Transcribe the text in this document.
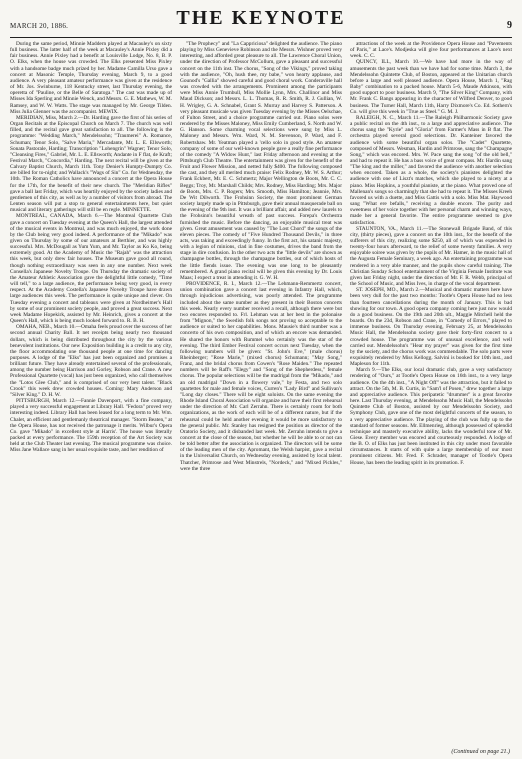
MARCH 20, 1886.	THE KEYNOTE	9

During the same period, Minnie Maddern played at Macauley's on sixty full business. The latter half of the week at Macauley's Annie Pixley did a fair business. Annie Pixley had a benefit at Louisville Lodge, No. 8, B. P. O. Elks, when the house was crowded. The Elks presented Miss Pixley with a handsome badge much prized by her. Madame Camilla Urso gave a concert at Masonic Temple, Thursday evening, March 9, to a good audience. A very pleasant amateur performance was given at the residence of Mr. Jos. Swinburne, 118 Kentucky street, last Thursday evening, the operetta of "Pauline, or the Belle of Saratoga." The cast was made up of Misses Ida Sperling and Minnie Wenck, and Messrs. G. E. Mathews, W. M. Ramsey, and W. W. Watts. The stage was managed by Mr. George Tilden. Miss Julia Glenner was the accompanist. MEWIX.

MERIDIAN, Miss, March 2.—Dr. Harding gave the first of his series of Organ Recitals at the Episcopal Church on March 7. The church was well filled, and the recital gave great satisfaction to all. The following is the programme: "Wedding March," Mendelssohn; "Traumerei" A. Romance, Schuman; Tenor Solo, "Salve Maria," Mercadante, Mr. L. E. Ellsworth; Sonata Pastorale, Harding; Transcription "Lohengrin" Wagner; Tenor Solo, "Cleansing Fires," Gabriel, Mr. L. E. Ellsworth; Andante in F flat, de Kraft; Festival March, "Concordia," Harding. The next recital will be given at the Calvary Baptist Church, March 11th. Tony Denier's Humpty-Dumpty Co. are billed for to-night; and Wallack's "Wags of Sin" Co. for Wednesday, the 10th. The Roman Catholics have announced a concert at the Opera House for the 17th, for the benefit of their new church. The "Meridian Rifles" gave a ball last Friday, which was heartily enjoyed by the society ladies and gentlemen of this city, as well as by a number of visitors from abroad. The Lenten season will put a stop to general entertainments here, but quiet musical and literary gatherings will still be en regle. MINNETTE.

MONTREAL, CANADA, March 6.—The Montreal Quartette Club gave a concert on Tuesday evening at the Queen's Hall, the largest attended of the musical events in Montreal, and was much enjoyed, the work done by the Club being very good indeed. A performance of the "Mikado" was given on Thursday by some of our amateurs at Berthier, and was highly successful. Mrs. McDougall as Yum Yum, and Mr. Taylor as Ko Ko, being extremely good. At the Academy of Music the "Rajah" was the attraction this week, but only drew fair houses. The Museum gave good all round, though nothing extraordinary was seen in any one number. Next week Consella's Japanese Novelty Troupe. On Thursday the dramatic society of the Amateur Athletic Association gave the delightful little comedy, "Time will tell," to a large audience, the performance being very good, in every respect. At the Academy Costella's Japanese Novelty Troupe have drawn large audiences this week. The performance is quite unique and clever. On Tuesday evening a concert and tableaux were given at Nordheimer's Hall by some of our prominent society people, and proved a great success. Next week Madame Hopekirk, assisted by Mr. Heinrich, gives a concert at the Queen's Hall, which is being much looked forward to. R. B. H.

OMAHA, NEB., March 10.—Omaha feels proud over the success of her second annual Charity Ball. It net receipts being nearly two thousand dollars, which is being distributed throughout the city by the various benevolent institutions. Our new Exposition building is a credit to any city, the floor accommodating one thousand people at one time for dancing purposes. A lodge of the "Elks" has just been organized and promises a brilliant future. They have already entertained several of the professionals, among the number being Harrison and Gorley, Robson and Crane. A new Professional Quartette (vocal) has just been organized, who call themselves the "Lotos Glee Club," and is comprised of our very best talent. "Black Crook" this week drew crowded houses. Coming: Mary Anderson and "Silver King." D. H. W.

PITTSBURGH, March 12.—Fannie Davenport, with a fine company, played a very successful engagement at Library Hall. "Fedora" proved very interesting indeed. Library Hall has been leased for a long term to Mr. Wm. Chalet, an efficient and gentlemanly theatrical manager. "Storm Beaten," at the Opera House, has not received the patronage it merits. Wilbur's Opera Co. gave "Mikado" in excellent style at Harris'. The house was literally packed at every performance. The 159th reception of the Art Society was held at the Club Theater last evening. The musical programme was choice. Miss Jane Wallace sang in her usual exquisite taste, and her rendition of

"The Prophecy" and "La Cappriciosa" delighted the audience. The piano playing by Miss Genevieve Robinson and the Messrs. Wishner proved very interesting, and afforded great pleasure to all. The Lawrence Choral Union, under the direction of Professor McCollum, gave a pleasant and successful concert on the 11th inst. The chorus, "Song of the Vikings," proved taking with the audience, "Oh, hush thee, my babe," won hearty applause, and Gounod's "Gallia" showed careful and good choral work. Conderaville hall was crowded with the arrangements. Prominent among the participants were Miss Annie Trumbull, Miss Mollie Lynn, Mrs. Challinor and Miss Maud Dickson; and Messrs. L. L. Thomas, R. R. Smith, R. J. Gullian, W. H. Wrigley, G. A. Schnabel, Grant S. Murray and Harvey S. Patterson. A very pleasant musicale was given Tuesday evening by the Misses Oelschae, of Fulton Street, and a choice programme carried out. Piano solos were rendered by the Misses Maloney, Miss Emily Cumberland, S. North and W. G. Hanson. Some charming vocal selections were sung by Miss L. Maloney and Messrs. Wm. Ward, N. M. Stevenson, P. Ward, and F. Robertshaw. Mr. Yeatman played a 'cello solo in good style. An amateur company of some of our well-known people gave a really fine performance of the comedy "A Widow Hunt," last Friday afternoon and evening at the Pittsburgh Club Theatre. The entertainment was given for the benefit of the Fruit and Flower Mission, and netted fully $400. The following composed the cast, and they all merited much praise: Felix Rodney, Mr. W. S. Arthur; Frank Eckbert, Mr. E. C. Schmertz; Major Wellington de Boots, Mr. C. C. Beggs; Troy, Mr. Marshall Childs; Mrs. Rodney, Miss Harding; Mrs. Major de Boots, Mrs. C. P. Rogers; Mrs. Smooth, Miss Hamilton; Jeannie, Mrs. De Wit Dilworth. The Frohsinn Society, the most prominent German society largely made up in Pittsburgh, gave their annual masquerade ball on the evening of the 9th inst. It was a brilliant affair, and added new laurels to the Frohsinn's beautiful wreath of past success. Forepa's Orchestra furnished the music. Before the dancing, an enjoyable musical treat was given. Great amusement was caused by "The Lost Chord" the songs of the eleven pieces. The comedy of "Five Hundred Thousand Devils," in three acts, was taking and exceedingly funny. In the first act, his satanic majesty, with a legion of minions, clad in fine costumes, drives the band from the stage in dire confusion. In the other two acts the "little devils" are shown as champagne bottles, through the champagne bottles, out of which hosts of the little fiends issue. The evening was one long to be pleasantly remembered. A grand piano recital will be given this evening by Dr. Louis Maas; I expect a treat in attending it. G. W. H.

PROVIDENCE, R. I., March 12.—The Lehmann-Remmertz concert, union combination gave a concert last evening in Infantry Hall, which, through injudicious advertising, was poorly attended. The programme included about the same number as they present in their Boston concerts this week. Nearly every number received a recall, although there were but two encores responded to. Frl. Lehman was at her best in the polonaise from "Mignon," the Swedish folk songs not proving so acceptable to the audience or suited to her capabilities. Mons. Mausie's third number was a concerto of his own composition, and of which an encore was demanded. He shared the honors with Rummel who certainly was the star of the evening. The third Ember Festival concert occurs next Tuesday, when the following numbers will be given: "St. John's Eve," (male chorus) Rheinberger; "Rose Marie," (mixed chorus) Schumann; "May Song," Franz, and the bridal chorus from Cowen's "Rose Maiden." The repeated numbers will be Raff's "Elegy" and "Song of the Shepherdess," female chorus. The popular selections will be the madrigal from the "Mikado," and an old madrigal "Down in a flowery vale," by Festa, and two solo quartettes for male and female voices, Curren's "Lady Bird" and Sullivan's "Long day closes." There will be eight soloists. On the same evening the Rhode Island Choral Association will organize and have their first rehearsal under the direction of Mr. Carl Zerrahn. There is certainly room for both organizations, as the work of each will be of a different nature, but if the rehearsal could be held another evening it would be more satisfactory to the general public. Mr. Stanley has resigned the position as director of the Oratorio Society, and it disbanded last week. Mr. Zerrahn intends to give a concert at the close of the season, but whether he will be able to or not can be told better after the association is organized. The directors will be some of the leading men of the city. Apromant, the Welsh harpist, gave a recital in the Universalist Church, on Wednesday evening, assisted by local talent. Thatcher, Primrose and West Minstrels, "Nordeck," and "Mixed Pickles," were the three

attractions of the week at the Providence Opera House and "Pavements of Paris," at Lace's. Modjeska will give four performances at Lace's next week. C. C.

QUINCY, ILL, March 10.—We have had more in the way of amusements the past week than we have had for some time. March 3, the Mendelssohn Quintette Club, of Boston, appeared at the Unitarian church before a large and well pleased audience. Opera House, March 1, "Rag Baby" combination to a packed house. March 5-6, Maude Atkinson, with good support to poor business. March 9, "The Silver King" Company, with Mr. Frank C. Bangs appearing in the character of Wilfred Denver, to good business. The Turner Hall, March 11th, Harry Dixmore's Co. Ed. Sothern's Co. will give this week in "True as Steel." G. M. J.

RALEIGH, N. C., March 11.—The Raleigh Philharmonic Society gave a public recital on the 4th inst., to a large and appreciative audience. The chorus sang the "Kyrie" and "Gloria" from Farmer's Mass in B flat. The orchestra played several good selections. Dr. Kanteiner favored the audience with some beautiful organ solos. The "Cadet" Quartette, composed of Messrs. Wesman, Hardin and Primrose, sang the "Champagne Song," which was encored. Mrs. W. Pace sang the song "of the old bell," and had to repeat it. He has a bass voice of great compass. Mr. Hardin sang "The king and the miller," and favored the audience with another selection when encored. Taken as a whole, the society's pianistes delighted the audience with one of Liszt's matches, which she played to a nicety at a piano. Miss Hopkins, a youthful pianiste, at the piano. What proved one of Mallenan's songs so charmingly that she had to repeat it. The Misses Kreeh favored us with a duette, and Miss Gattis with a solo. Miss Mat. Haywood sang "What ere befalls," receiving a double encore. The purity and sweetness of her voice together with her personal charm and winning ways, made her a general favorite. The entire programme seemed to give satisfaction.

STAUNTON, VA., March 11.—The Stonewall Brigade Band, of this city, (thirty pieces), gave a concert on the 10th inst., for the benefit of the sufferers of this city, realizing some $250, all of which was expended in twenty-four hours afterward, to the relief of some twenty families. A very enjoyable soiree was given by the pupils of Mr. Hamer, in the music hall of the Augusta Female Seminary, a week ago. An entertaining programme was rendered in a very able manner, and the pupils show careful training. The Christian Sunday School entertainment of the Virginia Female Institute was given last Friday night, under the direction of Mr. F. R. Webb, principal of the School of Music, and Miss Ives, in charge of the vocal department.

ST. JOSEPH, MO., March 2.—Musical and dramatic matters here have been very dull for the past two months: Tootle's Opera House had no less than fourteen cancellations during the month of January. This is bad showing for our town. A good opera company coming here just now would do a good business. On the 19th and 20th ult., Maggie Mitchell held the boards. On the 23d, Robson and Crane, in "Comedy of Errors," played to immense business. On Thursday evening, February 25, at Mendelssohn Music Hall, the Mendelssohn society gave their forty-first concert to a crowded house. The programme was of unusual excellence, and well carried out. Mendelssohn's "Hear my prayer" was given for the first time by the society, and the chorus work was commendable. The solo parts were exquisitely rendered by Miss Kellogg. Salvini is booked for 10th inst., and Mapleson for 11th.

March 9.—The Elks, our local dramatic club, gave a very satisfactory rendering of "Ours," at Tootle's Opera House on 16th inst., to a very large audience. On the 4th inst., "A Night Off" was the attraction, but it failed to attract. On the 5th, M. B. Curtis, in "Sam'l of Posen," drew together a large and appreciative audience. This peripatetic "drummer" is a great favorite here. Last Thursday evening, at Mendelssohn Music Hall, the Mendelssohn Quintette Club of Boston, assisted by our Mendelssohn Society, and Symphony Club, gave one of the most delightful concerts of the season, to a very appreciative audience. The playing of the club was fully up to the standard of former seasons. Mr. Ellmenrieg, although possessed of splendid technique and masterly executive ability, lacks the wonderful tone of Mr. Giese. Every member was encored and courteously responded. A lodge of the B. O. of Elks has just been instituted in this city under most favorable circumstances. It starts of with quite a large membership of our most prominent citizens. Mr. Fred. F. Schrader, manager of Tootle's Opera House, has been the leading spirit in its promotion. F.

(Continued on page 21.)
